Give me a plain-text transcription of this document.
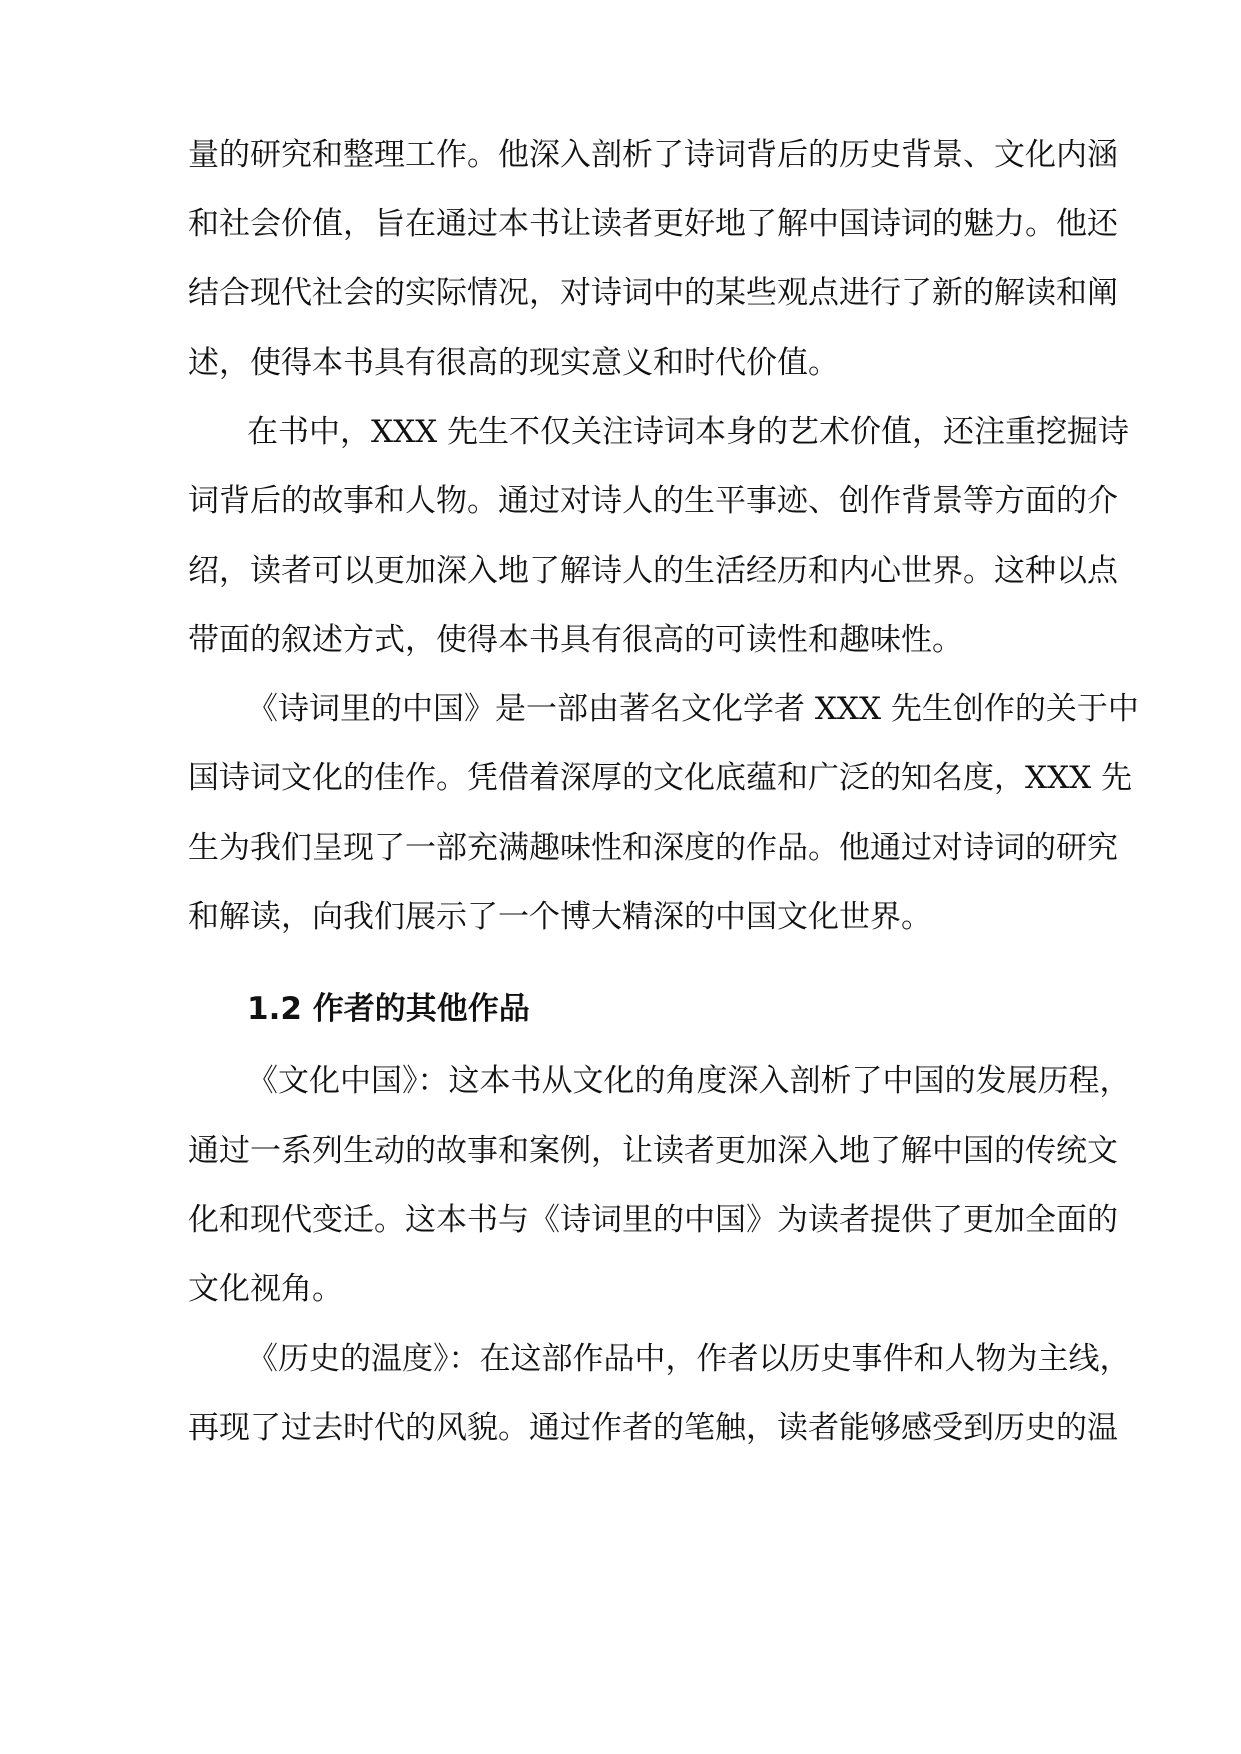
量的研究和整理工作。他深入剖析了诗词背后的历史背景、文化内涵
和社会价值，旨在通过本书让读者更好地了解中国诗词的魅力。他还
结合现代社会的实际情况，对诗词中的某些观点进行了新的解读和阐
述，使得本书具有很高的现实意义和时代价值。
在书中，XXX 先生不仅关注诗词本身的艺术价值，还注重挖掘诗
词背后的故事和人物。通过对诗人的生平事迹、创作背景等方面的介
绍，读者可以更加深入地了解诗人的生活经历和内心世界。这种以点
带面的叙述方式，使得本书具有很高的可读性和趣味性。
《诗词里的中国》是一部由著名文化学者 XXX 先生创作的关于中
国诗词文化的佳作。凭借着深厚的文化底蕴和广泛的知名度，XXX 先
生为我们呈现了一部充满趣味性和深度的作品。他通过对诗词的研究
和解读，向我们展示了一个博大精深的中国文化世界。
1.2 作者的其他作品
《文化中国》：这本书从文化的角度深入剖析了中国的发展历程，
通过一系列生动的故事和案例，让读者更加深入地了解中国的传统文
化和现代变迁。这本书与《诗词里的中国》为读者提供了更加全面的
文化视角。
《历史的温度》：在这部作品中，作者以历史事件和人物为主线，
再现了过去时代的风貌。通过作者的笔触，读者能够感受到历史的温
